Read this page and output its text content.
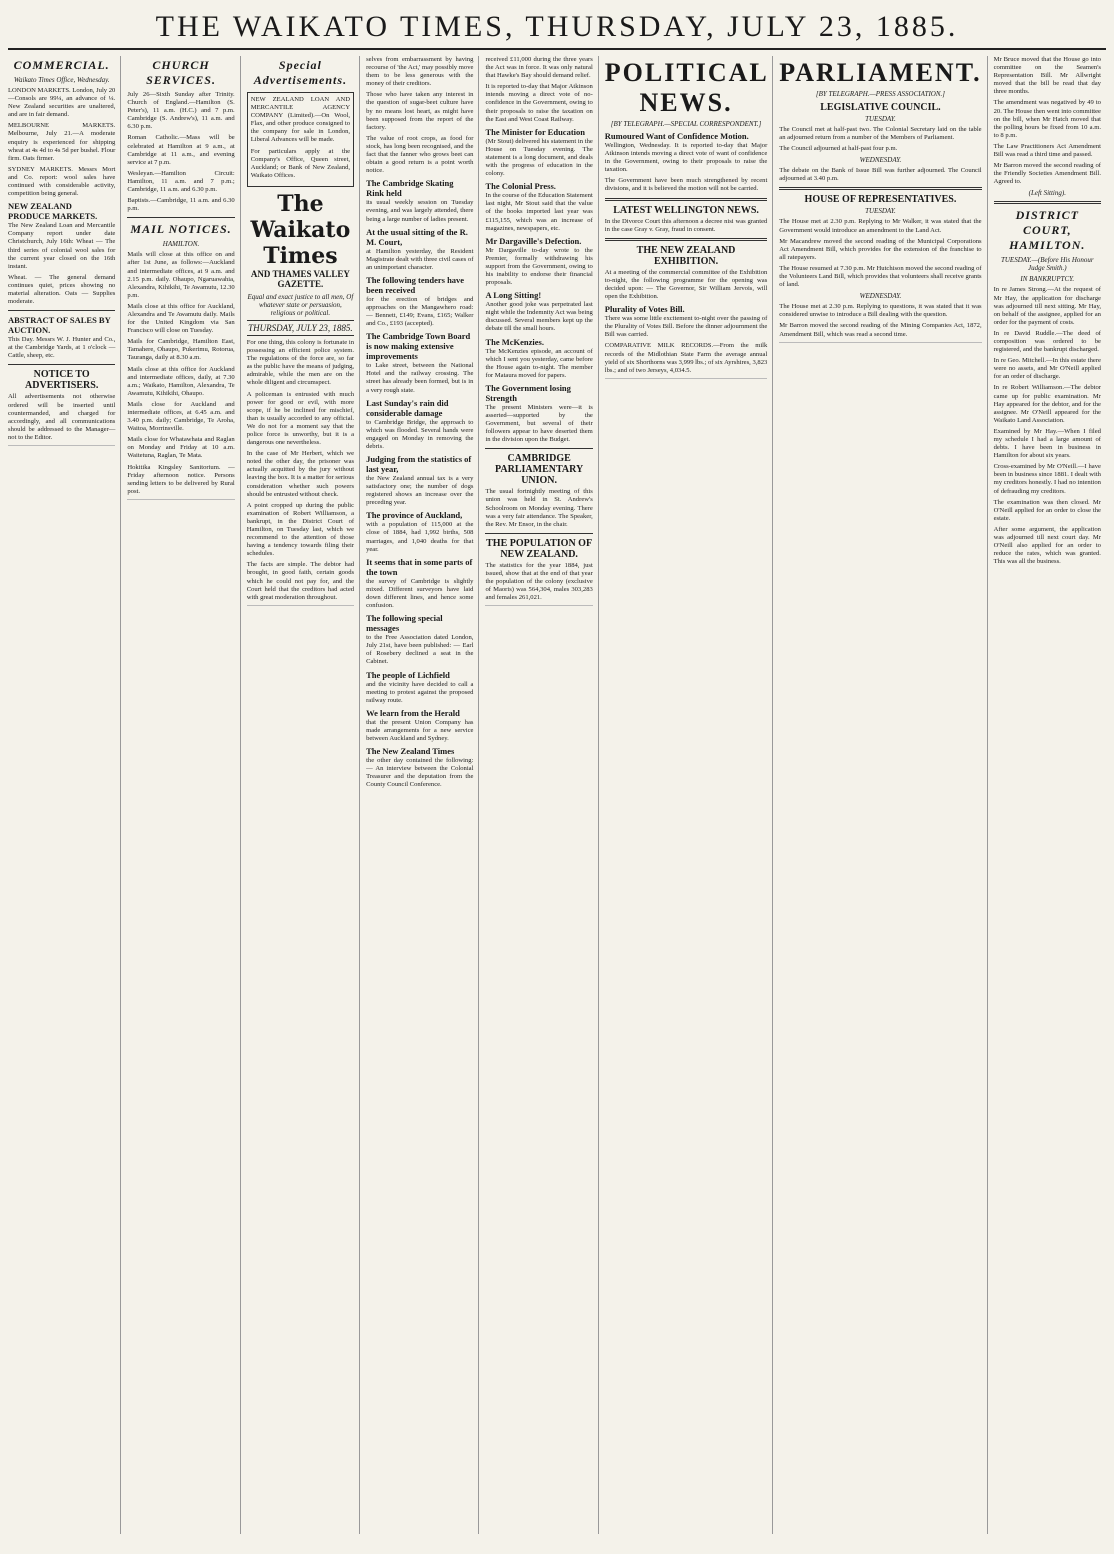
THE WAIKATO TIMES, THURSDAY, JULY 23, 1885.
COMMERCIAL.
Waikato Times Office, Wednesday.

LONDON MARKETS. London, July 20—Consols are 99¼, an advance of ¼. New Zealand securities are unaltered, and are in fair demand.

MELBOURNE MARKETS. Melbourne, July 21.—A moderate enquiry is experienced for shipping wheat at 4s 4d to 4s 5d per bushel. Flour firm. Oats firmer.

SYDNEY MARKETS. Messrs Mort and Co. report: wool sales have continued with considerable activity, competition being general.

NEW ZEALAND PRODUCE MARKETS.

The New Zealand Loan and Mercantile Company report under date Christchurch, July 16th: Wheat — The third series of colonial wool sales for the current year closed on the 16th instant.

Wheat. — The general demand continues quiet, prices showing no material alteration. Oats — Supplies moderate.

ABSTRACT OF SALES BY AUCTION.

This Day. Messrs W. J. Hunter and Co., at the Cambridge Yards, at 1 o'clock — Cattle, sheep, etc.

NOTICE TO ADVERTISERS.

All advertisements not otherwise ordered will be inserted until countermanded, and charged for accordingly, and all communications should be addressed to the Manager—not to the Editor.

CHURCH SERVICES.

July 26—Sixth Sunday after Trinity. Church of England.—Hamilton (S. Peter's), 11 a.m. (H.C.) and 7 p.m. Cambridge (S. Andrew's), 11 a.m. and 6.30 p.m.

Roman Catholic.—Mass will be celebrated at Hamilton at 9 a.m., at Cambridge at 11 a.m., and evening service at 7 p.m.

Wesleyan.—Hamilton Circuit: Hamilton, 11 a.m. and 7 p.m.; Cambridge, 11 a.m. and 6.30 p.m.

Baptists.—Cambridge, 11 a.m. and 6.30 p.m.

MAIL NOTICES.
HAMILTON.

Mails will close at this office on and after 1st June, as follows:—Auckland and intermediate offices, at 9 a.m. and 2.15 p.m. daily. Ohaupo, Ngaruawahia, Alexandra, Kihikihi, Te Awamutu, 12.30 p.m.

Mails close at this office for Auckland, Alexandra and Te Awamutu daily. Mails for the United Kingdom via San Francisco will close on Tuesday.

Mails for Cambridge, Hamilton East, Tamahere, Ohaupo, Pukerimu, Rotorua, Tauranga, daily at 8.30 a.m.

Mails close at this office for Auckland and intermediate offices, daily, at 7.30 a.m.; Waikato, Hamilton, Alexandra, Te Awamutu, Kihikihi, Ohaupo.

Mails close for Auckland and intermediate offices, at 6.45 a.m. and 3.40 p.m. daily; Cambridge, Te Aroha, Waitoa, Morrinsville.

Mails close for Whatawhata and Raglan on Monday and Friday at 10 a.m. Waitetuna, Raglan, Te Mata.

Hokitika Kingsley Sanitorium. — Friday afternoon notice. Persons sending letters to be delivered by Rural post.

Special Advertisements.

NEW ZEALAND LOAN AND MERCANTILE AGENCY COMPANY (Limited).—On Wool, Flax, and other produce consigned to the company for sale in London, Liberal Advances will be made.

For particulars apply at the Company's Office, Queen street, Auckland; or Bank of New Zealand, Waikato Offices.

The Waikato Times
AND THAMES VALLEY GAZETTE.
Equal and exact justice to all men, Of whatever state or persuasion, religious or political.
THURSDAY, JULY 23, 1885.

For one thing, this colony is fortunate in possessing an efficient police system. The regulations of the force are, so far as the public have the means of judging, admirable, while the men are on the whole diligent and circumspect.

A policeman is entrusted with much power for good or evil, with more scope, if he be inclined for mischief, than is usually accorded to any official. We do not for a moment say that the police force is unworthy, but it is a dangerous one nevertheless.

In the case of Mr Herbert, which we noted the other day, the prisoner was actually acquitted by the jury without leaving the box. It is a matter for serious consideration whether such powers should be entrusted without check.

A point cropped up during the public examination of Robert Williamson, a bankrupt, in the District Court of Hamilton, on Tuesday last, which we recommend to the attention of those having a tendency towards filing their schedules.

The facts are simple. The debtor had brought, in good faith, certain goods which he could not pay for, and the Court held that the creditors had acted with great moderation throughout.

selves from embarrassment by having recourse of 'the Act,' may possibly move them to be less generous with the money of their creditors.

Those who have taken any interest in the question of sugar-beet culture have by no means lost heart, as might have been supposed from the report of the factory.

The value of root crops, as food for stock, has long been recognised, and the fact that the fanner who grows beet can obtain a good return is a point worth notice.

The Cambridge Skating Rink held

its usual weekly session on Tuesday evening, and was largely attended, there being a large number of ladies present.

At the usual sitting of the R. M. Court,

at Hamilton yesterday, the Resident Magistrate dealt with three civil cases of an unimportant character.

The following tenders have been received

for the erection of bridges and approaches on the Mangawhero road: — Bennett, £149; Evans, £165; Walker and Co., £193 (accepted).

The Cambridge Town Board is now making extensive improvements

to Lake street, between the National Hotel and the railway crossing. The street has already been formed, but is in a very rough state.

Last Sunday's rain did considerable damage

to Cambridge Bridge, the approach to which was flooded. Several hands were engaged on Monday in removing the debris.

Judging from the statistics of last year,

the New Zealand annual tax is a very satisfactory one; the number of dogs registered shows an increase over the preceding year.

The province of Auckland,

with a population of 115,000 at the close of 1884, had 1,992 births, 508 marriages, and 1,040 deaths for that year.

It seems that in some parts of the town

the survey of Cambridge is slightly mixed. Different surveyors have laid down different lines, and hence some confusion.

The following special messages

to the Free Association dated London, July 21st, have been published: — Earl of Rosebery declined a seat in the Cabinet.

The people of Lichfield

and the vicinity have decided to call a meeting to protest against the proposed railway route.

We learn from the Herald

that the present Union Company has made arrangements for a new service between Auckland and Sydney.

The New Zealand Times

the other day contained the following: — An interview between the Colonial Treasurer and the deputation from the County Council Conference.

received £11,000 during the three years the Act was in force. It was only natural that Hawke's Bay should demand relief.

It is reported to-day that Major Atkinson intends moving a direct vote of no-confidence in the Government, owing to their proposals to raise the taxation on the East and West Coast Railway.

The Minister for Education

(Mr Stout) delivered his statement in the House on Tuesday evening. The statement is a long document, and deals with the progress of education in the colony.

The Colonial Press.

In the course of the Education Statement last night, Mr Stout said that the value of the books imported last year was £115,155, which was an increase of magazines, newspapers, etc.

Mr Dargaville's Defection.

Mr Dargaville to-day wrote to the Premier, formally withdrawing his support from the Government, owing to his inability to endorse their financial proposals.

A Long Sitting!

Another good joke was perpetrated last night while the Indemnity Act was being discussed. Several members kept up the debate till the small hours.

The McKenzies.

The McKenzies episode, an account of which I sent you yesterday, came before the House again to-night. The member for Mataura moved for papers.

The Government losing Strength

The present Ministers were—it is asserted—supported by the Government, but several of their followers appear to have deserted them in the division upon the Budget.

CAMBRIDGE PARLIAMENTARY UNION.

The usual fortnightly meeting of this union was held in St. Andrew's Schoolroom on Monday evening. There was a very fair attendance. The Speaker, the Rev. Mr Ensor, in the chair.

THE POPULATION OF NEW ZEALAND.

The statistics for the year 1884, just issued, show that at the end of that year the population of the colony (exclusive of Maoris) was 564,304, males 303,283 and females 261,021.

POLITICAL NEWS.
[BY TELEGRAPH.—SPECIAL CORRESPONDENT.]
Rumoured Want of Confidence Motion.

Wellington, Wednesday. It is reported to-day that Major Atkinson intends moving a direct vote of want of confidence in the Government, owing to their proposals to raise the taxation.

The Government have been much strengthened by recent divisions, and it is believed the motion will not be carried.

LATEST WELLINGTON NEWS.

In the Divorce Court this afternoon a decree nisi was granted in the case Gray v. Gray, fraud in consent.

THE NEW ZEALAND EXHIBITION.

At a meeting of the commercial committee of the Exhibition to-night, the following programme for the opening was decided upon: — The Governor, Sir William Jervois, will open the Exhibition.

Plurality of Votes Bill.

There was some little excitement to-night over the passing of the Plurality of Votes Bill. Before the dinner adjournment the Bill was carried.

COMPARATIVE MILK RECORDS.—From the milk records of the Midlothian State Farm the average annual yield of six Shorthorns was 3,999 lbs.; of six Ayrshires, 3,823 lbs.; and of two Jerseys, 4,034.5.

PARLIAMENT.
[BY TELEGRAPH.—PRESS ASSOCIATION.]
LEGISLATIVE COUNCIL.
TUESDAY.

The Council met at half-past two. The Colonial Secretary laid on the table an adjourned return from a number of the Members of Parliament.

The Council adjourned at half-past four p.m.

WEDNESDAY.

The debate on the Bank of Issue Bill was further adjourned. The Council adjourned at 3.40 p.m.

HOUSE OF REPRESENTATIVES.
TUESDAY.

The House met at 2.30 p.m. Replying to Mr Walker, it was stated that the Government would introduce an amendment to the Land Act.

Mr Macandrew moved the second reading of the Municipal Corporations Act Amendment Bill, which provides for the extension of the franchise to all ratepayers.

The House resumed at 7.30 p.m. Mr Hutchison moved the second reading of the Volunteers Land Bill, which provides that volunteers shall receive grants of land.

WEDNESDAY.

The House met at 2.30 p.m. Replying to questions, it was stated that it was considered unwise to introduce a Bill dealing with the question.

Mr Barron moved the second reading of the Mining Companies Act, 1872, Amendment Bill, which was read a second time.

Mr Bruce moved that the House go into committee on the Seamen's Representation Bill. Mr Allwright moved that the bill be read that day three months.

The amendment was negatived by 49 to 20. The House then went into committee on the bill, when Mr Hatch moved that the polling hours be fixed from 10 a.m. to 8 p.m.

The Law Practitioners Act Amendment Bill was read a third time and passed.

Mr Barron moved the second reading of the Friendly Societies Amendment Bill. Agreed to.

(Left Sitting).
DISTRICT COURT, HAMILTON.
TUESDAY.—(Before His Honour Judge Smith.)
IN BANKRUPTCY.

In re James Strong.—At the request of Mr Hay, the application for discharge was adjourned till next sitting. Mr Hay, on behalf of the assignee, applied for an order for the payment of costs.

In re David Ruddle.—The deed of composition was ordered to be registered, and the bankrupt discharged.

In re Geo. Mitchell.—In this estate there were no assets, and Mr O'Neill applied for an order of discharge.

In re Robert Williamson.—The debtor came up for public examination. Mr Hay appeared for the debtor, and for the assignee. Mr O'Neill appeared for the Waikato Land Association.

Examined by Mr Hay.—When I filed my schedule I had a large amount of debts. I have been in business in Hamilton for about six years.

Cross-examined by Mr O'Neill.—I have been in business since 1881. I dealt with my creditors honestly. I had no intention of defrauding my creditors.

The examination was then closed. Mr O'Neill applied for an order to close the estate.

After some argument, the application was adjourned till next court day. Mr O'Neill also applied for an order to reduce the rates, which was granted. This was all the business.
